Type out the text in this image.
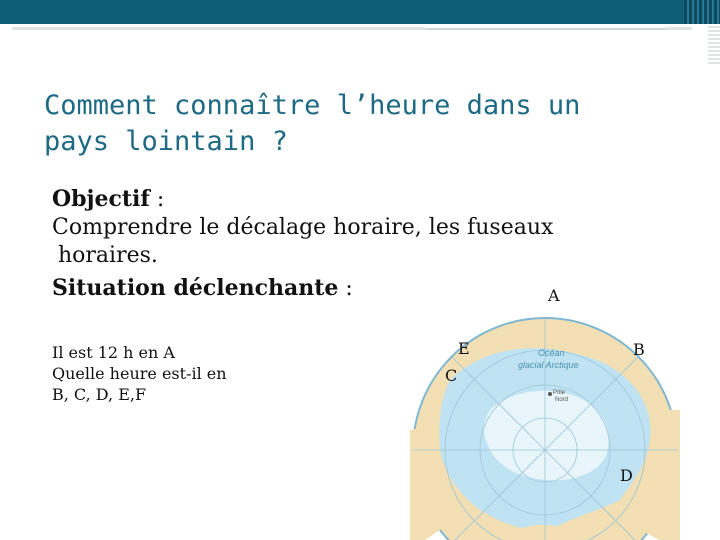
Comment connaître l’heure dans un
pays lointain ?
Objectif :
Comprendre le décalage horaire, les fuseaux
horaires.
Situation déclenchante :
Il est 12 h en A
Quelle heure est-il en
B, C, D, E,F
Océan
glacial Arctique
Pôle
Nord
A
B
C
D
E
